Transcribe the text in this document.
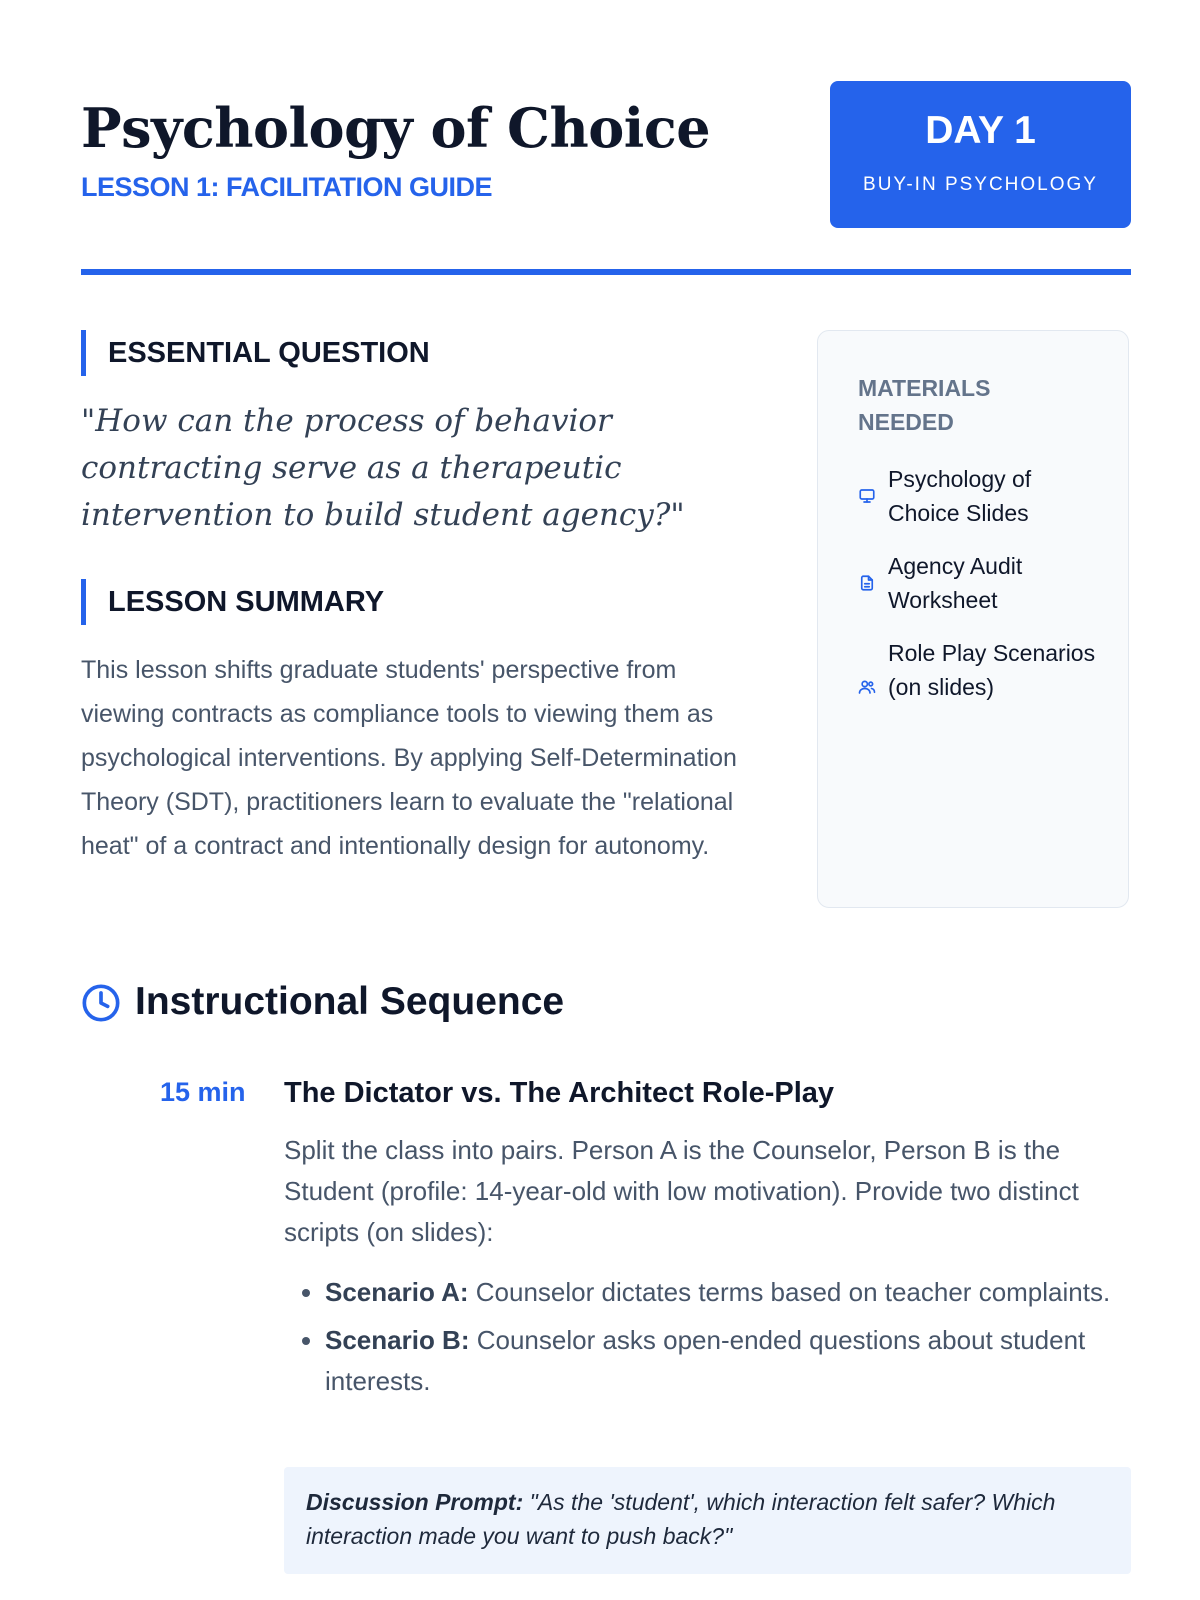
Psychology of Choice
LESSON 1: FACILITATION GUIDE
DAY 1
BUY-IN PSYCHOLOGY
ESSENTIAL QUESTION

"How can the process of behavior contracting serve as a therapeutic intervention to build student agency?"

LESSON SUMMARY

This lesson shifts graduate students' perspective from viewing contracts as compliance tools to viewing them as psychological interventions. By applying Self-Determination Theory (SDT), practitioners learn to evaluate the "relational heat" of a contract and intentionally design for autonomy.

MATERIALS NEEDED
Psychology of Choice Slides
Agency Audit Worksheet
Role Play Scenarios (on slides)
Instructional Sequence
15 min The Dictator vs. The Architect Role-Play

Split the class into pairs. Person A is the Counselor, Person B is the Student (profile: 14-year-old with low motivation). Provide two distinct scripts (on slides):

• Scenario A: Counselor dictates terms based on teacher complaints.
• Scenario B: Counselor asks open-ended questions about student interests.
Discussion Prompt: "As the 'student', which interaction felt safer? Which interaction made you want to push back?"
